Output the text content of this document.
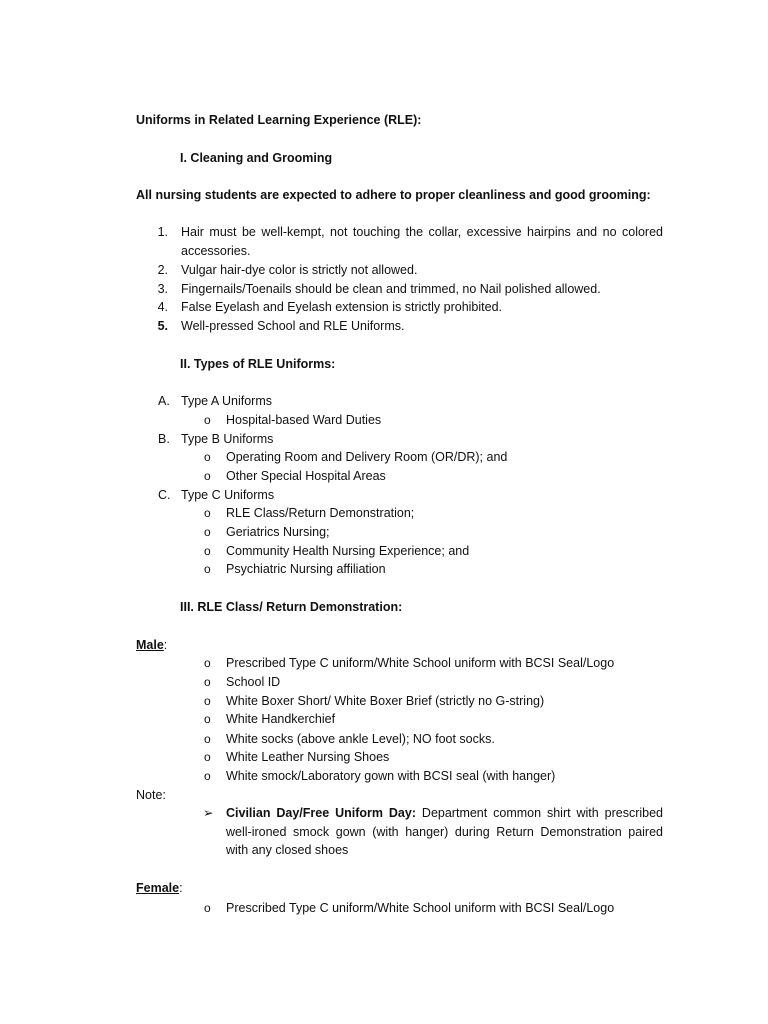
Uniforms in Related Learning Experience (RLE):
I. Cleaning and Grooming
All nursing students are expected to adhere to proper cleanliness and good grooming:
1. Hair must be well-kempt, not touching the collar, excessive hairpins and no colored accessories.
2. Vulgar hair-dye color is strictly not allowed.
3. Fingernails/Toenails should be clean and trimmed, no Nail polished allowed.
4. False Eyelash and Eyelash extension is strictly prohibited.
5. Well-pressed School and RLE Uniforms.
II. Types of RLE Uniforms:
A. Type A Uniforms
o Hospital-based Ward Duties
B. Type B Uniforms
o Operating Room and Delivery Room (OR/DR); and
o Other Special Hospital Areas
C. Type C Uniforms
o RLE Class/Return Demonstration;
o Geriatrics Nursing;
o Community Health Nursing Experience; and
o Psychiatric Nursing affiliation
III. RLE Class/ Return Demonstration:
Male:
o Prescribed Type C uniform/White School uniform with BCSI Seal/Logo
o School ID
o White Boxer Short/ White Boxer Brief (strictly no G-string)
o White Handkerchief
o White socks (above ankle Level); NO foot socks.
o White Leather Nursing Shoes
o White smock/Laboratory gown with BCSI seal (with hanger)
Note:
➢ Civilian Day/Free Uniform Day: Department common shirt with prescribed well-ironed smock gown (with hanger) during Return Demonstration paired with any closed shoes
Female:
o Prescribed Type C uniform/White School uniform with BCSI Seal/Logo
